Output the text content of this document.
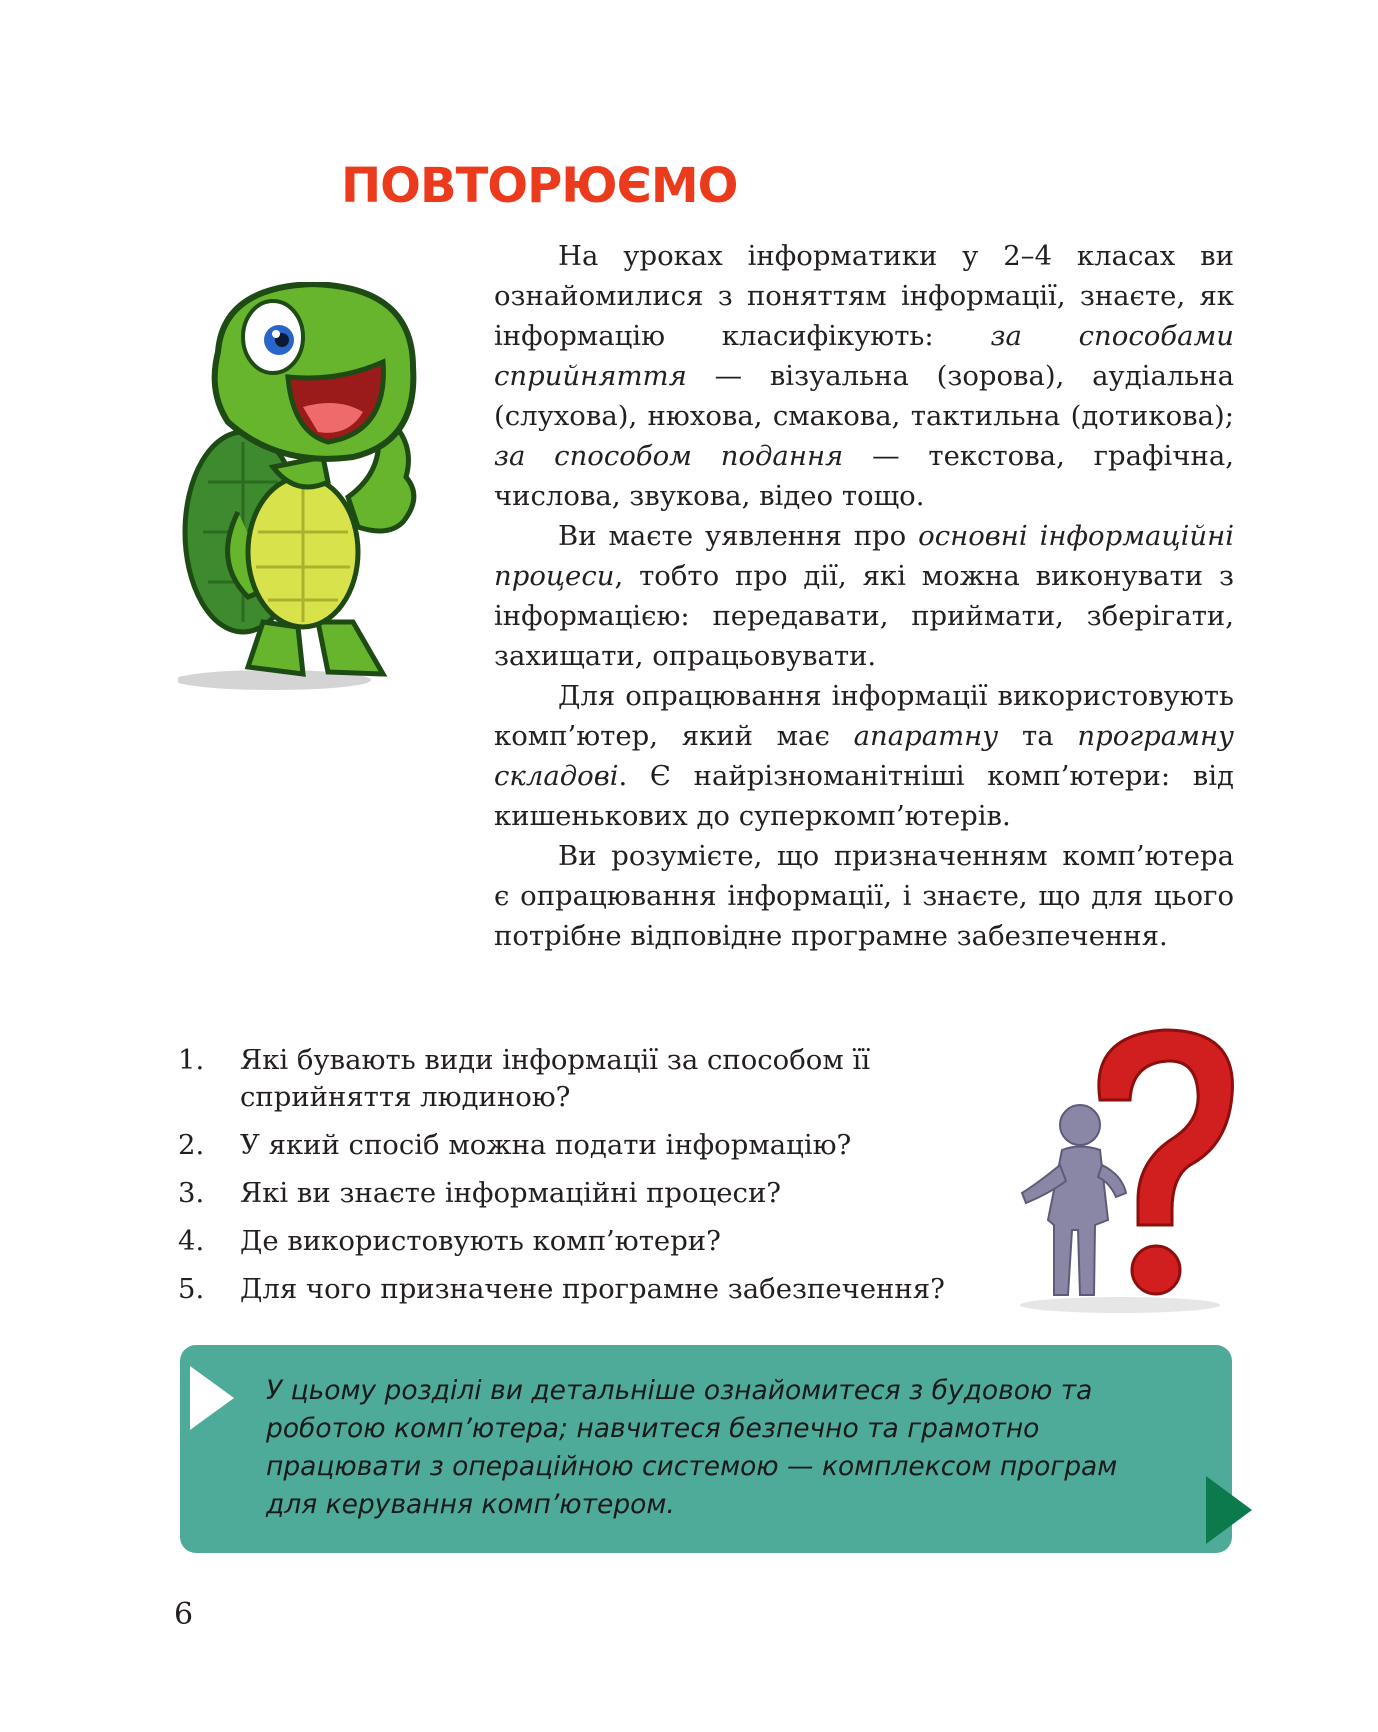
ПОВТОРЮЄМО

На уроках інформатики у 2–4 класах ви ознайомилися з поняттям інформації, знаєте, як інформацію класифікують: за способами сприйняття — візуальна (зорова), аудіальна (слухова), нюхова, смакова, тактильна (дотикова); за способом подання — текстова, графічна, числова, звукова, відео тощо.

Ви маєте уявлення про основні інформаційні процеси, тобто про дії, які можна виконувати з інформацією: передавати, приймати, зберігати, захищати, опрацьовувати.

Для опрацювання інформації використовують комп’ютер, який має апаратну та програмну складові. Є найрізноманітніші комп’ютери: від кишенькових до суперкомп’ютерів.

Ви розумієте, що призначенням комп’ютера є опрацювання інформації, і знаєте, що для цього потрібне відповідне програмне забезпечення.

1. Які бувають види інформації за способом її сприйняття людиною?
2. У який спосіб можна подати інформацію?
3. Які ви знаєте інформаційні процеси?
4. Де використовують комп’ютери?
5. Для чого призначене програмне забезпечення?

У цьому розділі ви детальніше ознайомитеся з будовою та роботою комп’ютера; навчитеся безпечно та грамотно працювати з операційною системою — комплексом програм для керування комп’ютером.

6
